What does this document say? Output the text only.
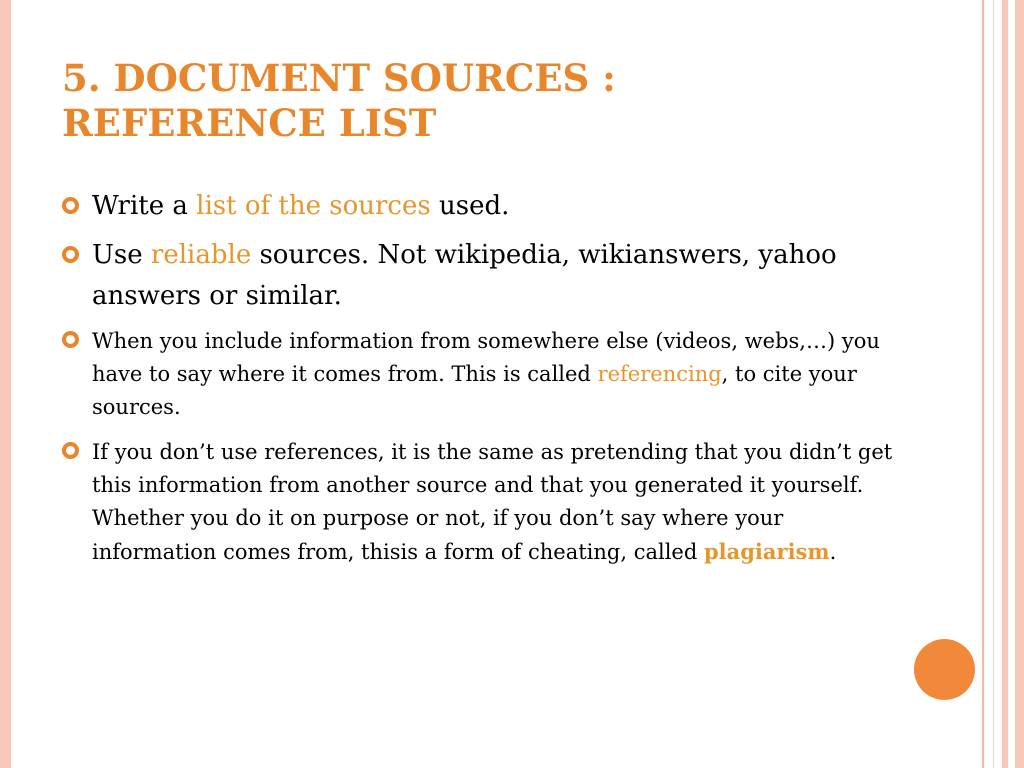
5. DOCUMENT SOURCES :
REFERENCE LIST
Write a list of the sources used.
Use reliable sources. Not wikipedia, wikianswers, yahoo answers or similar.
When you include information from somewhere else (videos, webs,…) you have to say where it comes from. This is called referencing, to cite your sources.
If you don’t use references, it is the same as pretending that you didn’t get this information from another source and that you generated it yourself. Whether you do it on purpose or not, if you don’t say where your information comes from, thisis a form of cheating, called plagiarism.
